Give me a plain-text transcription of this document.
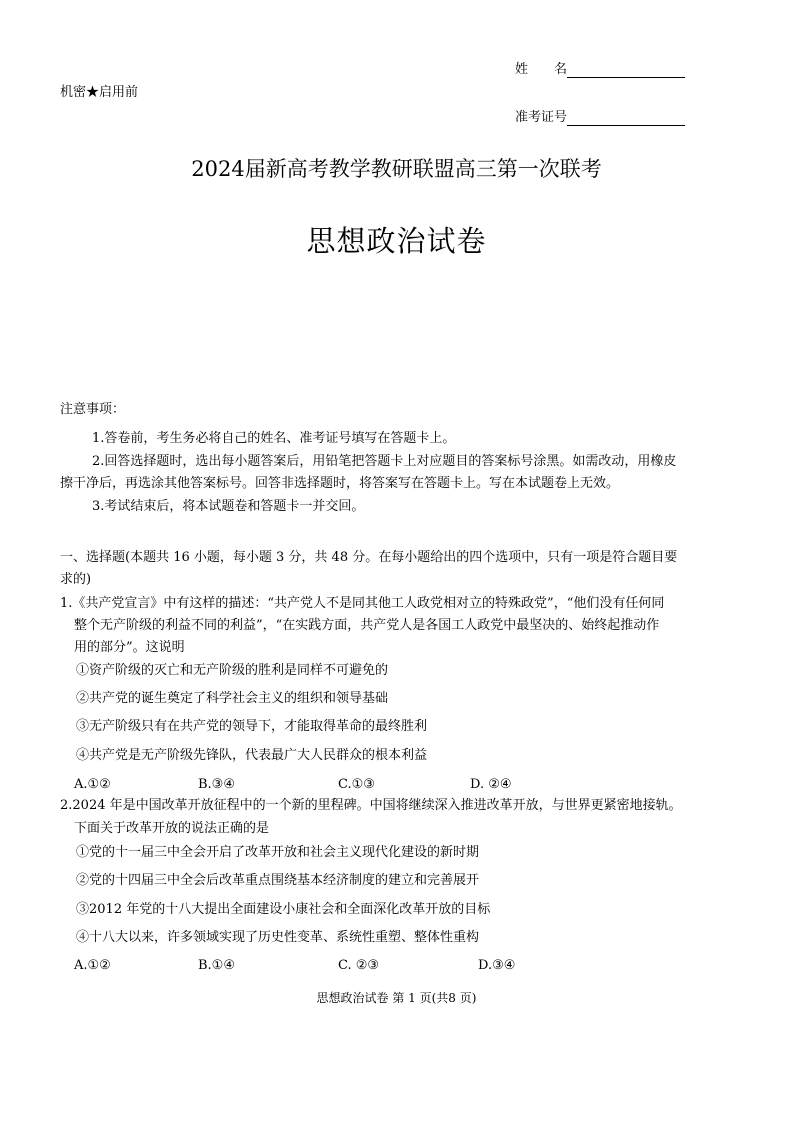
机密★启用前
姓　　名
准考证号
2024届新高考教学教研联盟高三第一次联考
思想政治试卷
注意事项：
1.答卷前，考生务必将自己的姓名、准考证号填写在答题卡上。
2.回答选择题时，选出每小题答案后，用铅笔把答题卡上对应题目的答案标号涂黑。如需改动，用橡皮
擦干净后，再选涂其他答案标号。回答非选择题时，将答案写在答题卡上。写在本试题卷上无效。
3.考试结束后，将本试题卷和答题卡一并交回。
一、选择题(本题共 16 小题，每小题 3 分，共 48 分。在每小题给出的四个选项中，只有一项是符合题目要
求的)
1.《共产党宣言》中有这样的描述：“共产党人不是同其他工人政党相对立的特殊政党”，“他们没有任何同
整个无产阶级的利益不同的利益”，“在实践方面，共产党人是各国工人政党中最坚决的、始终起推动作
用的部分”。这说明
①资产阶级的灭亡和无产阶级的胜利是同样不可避免的
②共产党的诞生奠定了科学社会主义的组织和领导基础
③无产阶级只有在共产党的领导下，才能取得革命的最终胜利
④共产党是无产阶级先锋队，代表最广大人民群众的根本利益
A.①②	B.③④	C.①③	D. ②④
2.2024 年是中国改革开放征程中的一个新的里程碑。中国将继续深入推进改革开放，与世界更紧密地接轨。
下面关于改革开放的说法正确的是
①党的十一届三中全会开启了改革开放和社会主义现代化建设的新时期
②党的十四届三中全会后改革重点围绕基本经济制度的建立和完善展开
③2012 年党的十八大提出全面建设小康社会和全面深化改革开放的目标
④十八大以来，许多领域实现了历史性变革、系统性重塑、整体性重构
A.①②	B.①④	C. ②③	D.③④
思想政治试卷 第 1 页(共8 页)
